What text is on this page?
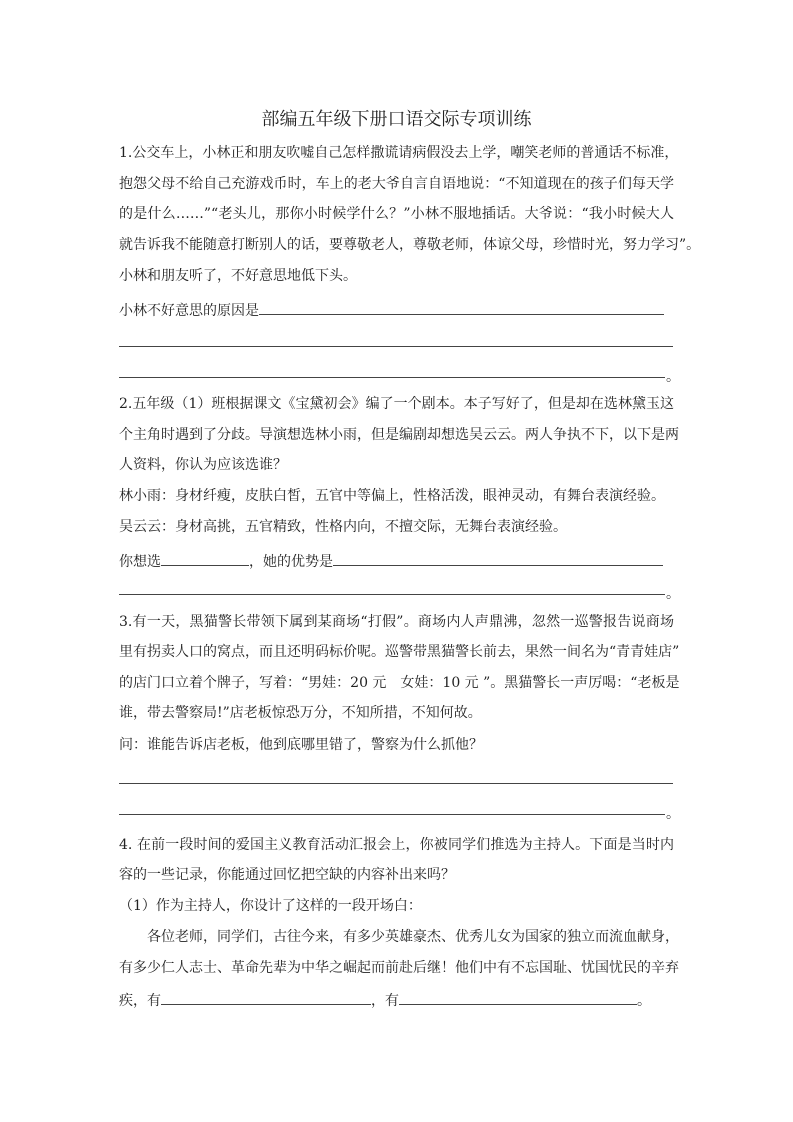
部编五年级下册口语交际专项训练
1.公交车上，小林正和朋友吹嘘自己怎样撒谎请病假没去上学，嘲笑老师的普通话不标准，
抱怨父母不给自己充游戏币时，车上的老大爷自言自语地说：“不知道现在的孩子们每天学
的是什么……”“老头儿，那你小时候学什么？”小林不服地插话。大爷说：“我小时候大人
就告诉我不能随意打断别人的话，要尊敬老人，尊敬老师，体谅父母，珍惜时光，努力学习”。
小林和朋友听了，不好意思地低下头。
小林不好意思的原因是
。
2.五年级（1）班根据课文《宝黛初会》编了一个剧本。本子写好了，但是却在选林黛玉这
个主角时遇到了分歧。导演想选林小雨，但是编剧却想选吴云云。两人争执不下，以下是两
人资料，你认为应该选谁？
林小雨：身材纤瘦，皮肤白皙，五官中等偏上，性格活泼，眼神灵动，有舞台表演经验。
吴云云：身材高挑，五官精致，性格内向，不擅交际，无舞台表演经验。
你想选	，她的优势是
。
3.有一天，黑猫警长带领下属到某商场“打假”。商场内人声鼎沸，忽然一巡警报告说商场
里有拐卖人口的窝点，而且还明码标价呢。巡警带黑猫警长前去，果然一间名为“青青娃店”
的店门口立着个牌子，写着：“男娃：20 元　女娃：10 元 ”。黑猫警长一声厉喝：“老板是
谁，带去警察局!”店老板惊恐万分，不知所措，不知何故。
问：谁能告诉店老板，他到底哪里错了，警察为什么抓他？
。
4. 在前一段时间的爱国主义教育活动汇报会上，你被同学们推选为主持人。下面是当时内
容的一些记录，你能通过回忆把空缺的内容补出来吗？
（1）作为主持人，你设计了这样的一段开场白：
　　各位老师，同学们，古往今来，有多少英雄豪杰、优秀儿女为国家的独立而流血献身，
有多少仁人志士、革命先辈为中华之崛起而前赴后继！他们中有不忘国耻、忧国忧民的辛弃
疾，有	，有	。
